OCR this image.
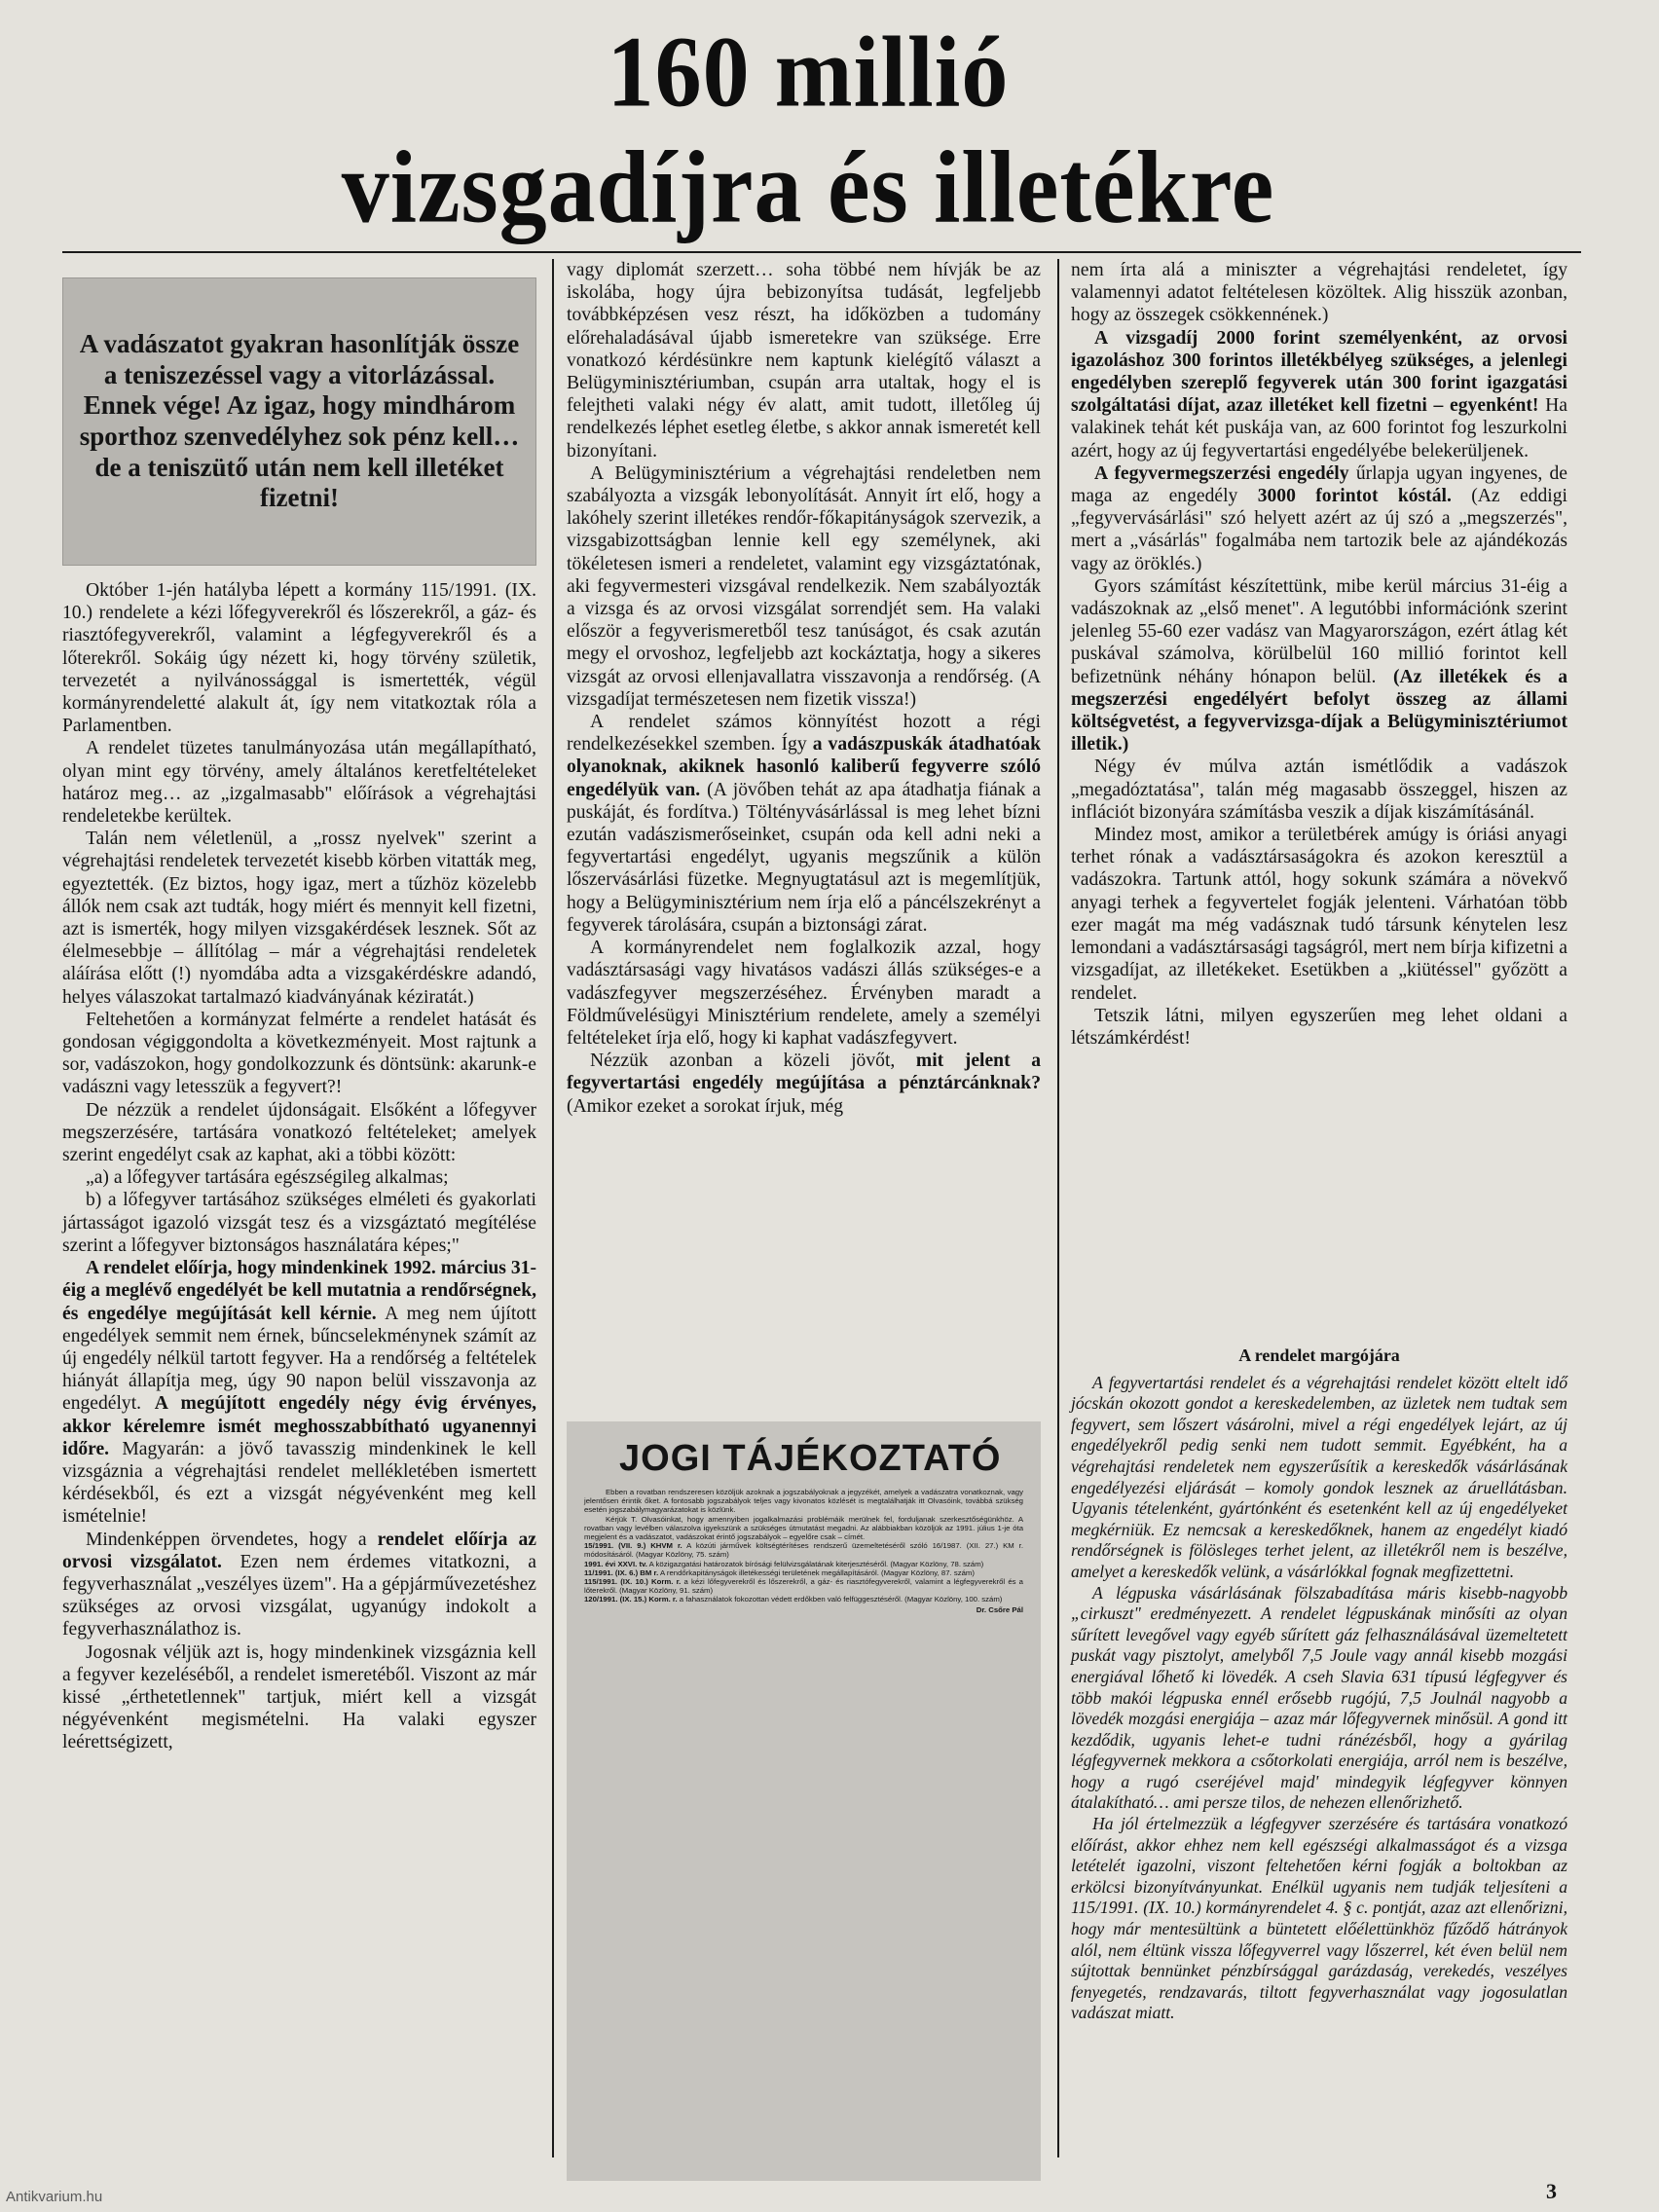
160 millió
vizsgadíjra és illetékre
A vadászatot gyakran hasonlítják össze a teniszezéssel vagy a vitorlázással. Ennek vége! Az igaz, hogy mindhárom sporthoz szenvedélyhez sok pénz kell… de a teniszütő után nem kell illetéket fizetni!

Október 1-jén hatályba lépett a kormány 115/1991. (IX. 10.) rendelete a kézi lőfegyverekről és lőszerekről, a gáz- és riasztófegyverekről, valamint a légfegyverekről és a lőterekről. Sokáig úgy nézett ki, hogy törvény születik, tervezetét a nyilvánossággal is ismertették, végül kormányrendeletté alakult át, így nem vitatkoztak róla a Parlamentben.

A rendelet tüzetes tanulmányozása után megállapítható, olyan mint egy törvény, amely általános keretfeltételeket határoz meg… az „izgalmasabb" előírások a végrehajtási rendeletekbe kerültek.

Talán nem véletlenül, a „rossz nyelvek" szerint a végrehajtási rendeletek tervezetét kisebb körben vitatták meg, egyeztették. (Ez biztos, hogy igaz, mert a tűzhöz közelebb állók nem csak azt tudták, hogy miért és mennyit kell fizetni, azt is ismerték, hogy milyen vizsgakérdések lesznek. Sőt az élelmesebbje – állítólag – már a végrehajtási rendeletek aláírása előtt (!) nyomdába adta a vizsgakérdéskre adandó, helyes válaszokat tartalmazó kiadványának kéziratát.)

Feltehetően a kormányzat felmérte a rendelet hatását és gondosan végiggondolta a következményeit. Most rajtunk a sor, vadászokon, hogy gondolkozzunk és döntsünk: akarunk-e vadászni vagy letesszük a fegyvert?!

De nézzük a rendelet újdonságait. Elsőként a lőfegyver megszerzésére, tartására vonatkozó feltételeket; amelyek szerint engedélyt csak az kaphat, aki a többi között:

„a) a lőfegyver tartására egészségileg alkalmas;

b) a lőfegyver tartásához szükséges elméleti és gyakorlati jártasságot igazoló vizsgát tesz és a vizsgáztató megítélése szerint a lőfegyver biztonságos használatára képes;"

A rendelet előírja, hogy mindenkinek 1992. március 31-éig a meglévő engedélyét be kell mutatnia a rendőrségnek, és engedélye megújítását kell kérnie. A meg nem újított engedélyek semmit nem érnek, bűncselekménynek számít az új engedély nélkül tartott fegyver. Ha a rendőrség a feltételek hiányát állapítja meg, úgy 90 napon belül visszavonja az engedélyt. A megújított engedély négy évig érvényes, akkor kérelemre ismét meghosszabbítható ugyanennyi időre. Magyarán: a jövő tavasszig mindenkinek le kell vizsgáznia a végrehajtási rendelet mellékletében ismertett kérdésekből, és ezt a vizsgát négyévenként meg kell ismételnie!

Mindenképpen örvendetes, hogy a rendelet előírja az orvosi vizsgálatot. Ezen nem érdemes vitatkozni, a fegyverhasználat „veszélyes üzem". Ha a gépjárművezetéshez szükséges az orvosi vizsgálat, ugyanúgy indokolt a fegyverhasználathoz is.

Jogosnak véljük azt is, hogy mindenkinek vizsgáznia kell a fegyver kezeléséből, a rendelet ismeretéből. Viszont az már kissé „érthetetlennek" tartjuk, miért kell a vizsgát négyévenként megismételni. Ha valaki egyszer leérettségizett,

vagy diplomát szerzett… soha többé nem hívják be az iskolába, hogy újra bebizonyítsa tudását, legfeljebb továbbképzésen vesz részt, ha időközben a tudomány előrehaladásával újabb ismeretekre van szüksége. Erre vonatkozó kérdésünkre nem kaptunk kielégítő választ a Belügyminisztériumban, csupán arra utaltak, hogy el is felejtheti valaki négy év alatt, amit tudott, illetőleg új rendelkezés léphet esetleg életbe, s akkor annak ismeretét kell bizonyítani.

A Belügyminisztérium a végrehajtási rendeletben nem szabályozta a vizsgák lebonyolítását. Annyit írt elő, hogy a lakóhely szerint illetékes rendőr-főkapitányságok szervezik, a vizsgabizottságban lennie kell egy személynek, aki tökéletesen ismeri a rendeletet, valamint egy vizsgáztatónak, aki fegyvermesteri vizsgával rendelkezik. Nem szabályozták a vizsga és az orvosi vizsgálat sorrendjét sem. Ha valaki először a fegyverismeretből tesz tanúságot, és csak azután megy el orvoshoz, legfeljebb azt kockáztatja, hogy a sikeres vizsgát az orvosi ellenjavallatra visszavonja a rendőrség. (A vizsgadíjat természetesen nem fizetik vissza!)

A rendelet számos könnyítést hozott a régi rendelkezésekkel szemben. Így a vadászpuskák átadhatóak olyanoknak, akiknek hasonló kaliberű fegyverre szóló engedélyük van. (A jövőben tehát az apa átadhatja fiának a puskáját, és fordítva.) Töltényvásárlással is meg lehet bízni ezután vadászismerőseinket, csupán oda kell adni neki a fegyvertartási engedélyt, ugyanis megszűnik a külön lőszervásárlási füzetke. Megnyugtatásul azt is megemlítjük, hogy a Belügyminisztérium nem írja elő a páncélszekrényt a fegyverek tárolására, csupán a biztonsági zárat.

A kormányrendelet nem foglalkozik azzal, hogy vadásztársasági vagy hivatásos vadászi állás szükséges-e a vadászfegyver megszerzéséhez. Érvényben maradt a Földművelésügyi Minisztérium rendelete, amely a személyi feltételeket írja elő, hogy ki kaphat vadászfegyvert.

Nézzük azonban a közeli jövőt, mit jelent a fegyvertartási engedély megújítása a pénztárcánknak? (Amikor ezeket a sorokat írjuk, még

nem írta alá a miniszter a végrehajtási rendeletet, így valamennyi adatot feltételesen közöltek. Alig hisszük azonban, hogy az összegek csökkennének.)

A vizsgadíj 2000 forint személyenként, az orvosi igazoláshoz 300 forintos illetékbélyeg szükséges, a jelenlegi engedélyben szereplő fegyverek után 300 forint igazgatási szolgáltatási díjat, azaz illetéket kell fizetni – egyenként! Ha valakinek tehát két puskája van, az 600 forintot fog leszurkolni azért, hogy az új fegyvertartási engedélyébe belekerüljenek.

A fegyvermegszerzési engedély űrlapja ugyan ingyenes, de maga az engedély 3000 forintot kóstál. (Az eddigi „fegyvervásárlási" szó helyett azért az új szó a „megszerzés", mert a „vásárlás" fogalmába nem tartozik bele az ajándékozás vagy az öröklés.)

Gyors számítást készítettünk, mibe kerül március 31-éig a vadászoknak az „első menet". A legutóbbi információnk szerint jelenleg 55-60 ezer vadász van Magyarországon, ezért átlag két puskával számolva, körülbelül 160 millió forintot kell befizetnünk néhány hónapon belül. (Az illetékek és a megszerzési engedélyért befolyt összeg az állami költségvetést, a fegyvervizsga-díjak a Belügyminisztériumot illetik.)

Négy év múlva aztán ismétlődik a vadászok „megadóztatása", talán még magasabb összeggel, hiszen az inflációt bizonyára számításba veszik a díjak kiszámításánál.

Mindez most, amikor a területbérek amúgy is óriási anyagi terhet rónak a vadásztársaságokra és azokon keresztül a vadászokra. Tartunk attól, hogy sokunk számára a növekvő anyagi terhek a fegyvertelet fogják jelenteni. Várhatóan több ezer magát ma még vadásznak tudó társunk kénytelen lesz lemondani a vadásztársasági tagságról, mert nem bírja kifizetni a vizsgadíjat, az illetékeket. Esetükben a „kiütéssel" győzött a rendelet.

Tetszik látni, milyen egyszerűen meg lehet oldani a létszámkérdést!

A rendelet margójára

A fegyvertartási rendelet és a végrehajtási rendelet között eltelt idő jócskán okozott gondot a kereskedelemben, az üzletek nem tudtak sem fegyvert, sem lőszert vásárolni, mivel a régi engedélyek lejárt, az új engedélyekről pedig senki nem tudott semmit. Egyébként, ha a végrehajtási rendeletek nem egyszerűsítik a kereskedők vásárlásának engedélyezési eljárását – komoly gondok lesznek az áruellátásban. Ugyanis tételenként, gyártónként és esetenként kell az új engedélyeket megkérniük. Ez nemcsak a kereskedőknek, hanem az engedélyt kiadó rendőrségnek is fölösleges terhet jelent, az illetékről nem is beszélve, amelyet a kereskedők velünk, a vásárlókkal fognak megfizettetni.

A légpuska vásárlásának fölszabadítása máris kisebb-nagyobb „cirkuszt" eredményezett. A rendelet légpuskának minősíti az olyan sűrített levegővel vagy egyéb sűrített gáz felhasználásával üzemeltetett puskát vagy pisztolyt, amelyből 7,5 Joule vagy annál kisebb mozgási energiával lőhető ki lövedék. A cseh Slavia 631 típusú légfegyver és több makói légpuska ennél erősebb rugójú, 7,5 Joulnál nagyobb a lövedék mozgási energiája – azaz már lőfegyvernek minősül. A gond itt kezdődik, ugyanis lehet-e tudni ránézésből, hogy a gyárilag légfegyvernek mekkora a csőtorkolati energiája, arról nem is beszélve, hogy a rugó cseréjével majd' mindegyik légfegyver könnyen átalakítható… ami persze tilos, de nehezen ellenőrizhető.

Ha jól értelmezzük a légfegyver szerzésére és tartására vonatkozó előírást, akkor ehhez nem kell egészségi alkalmasságot és a vizsga letételét igazolni, viszont feltehetően kérni fogják a boltokban az erkölcsi bizonyítványunkat. Enélkül ugyanis nem tudják teljesíteni a 115/1991. (IX. 10.) kormányrendelet 4. § c. pontját, azaz azt ellenőrizni, hogy már mentesültünk a büntetett előélettünkhöz fűződő hátrányok alól, nem éltünk vissza lőfegyverrel vagy lőszerrel, két éven belül nem sújtottak bennünket pénzbírsággal garázdaság, verekedés, veszélyes fenyegetés, rendzavarás, tiltott fegyverhasználat vagy jogosulatlan vadászat miatt.

JOGI TÁJÉKOZTATÓ

Ebben a rovatban rendszeresen közöljük azoknak a jogszabályoknak a jegyzékét, amelyek a vadászatra vonatkoznak, vagy jelentősen érintik őket. A fontosabb jogszabályok teljes vagy kivonatos közlését is megtalálhatják itt Olvasóink, továbbá szükség esetén jogszabálymagyarázatokat is közlünk.

Kérjük T. Olvasóinkat, hogy amennyiben jogalkalmazási problémáik merülnek fel, forduljanak szerkesztőségünkhöz. A rovatban vagy levélben válaszolva igyekszünk a szükséges útmutatást megadni. Az alábbiakban közöljük az 1991. július 1-je óta megjelent és a vadászatot, vadászokat érintő jogszabályok – egyelőre csak – címét.

15/1991. (VII. 9.) KHVM r. A közúti járművek költségtérítéses rendszerű üzemeltetéséről szóló 16/1987. (XII. 27.) KM r. módosításáról. (Magyar Közlöny, 75. szám)

1991. évi XXVI. tv. A közigazgatási határozatok bírósági felülvizsgálatának kiterjesztéséről. (Magyar Közlöny, 78. szám)

11/1991. (IX. 6.) BM r. A rendőrkapitányságok illetékességi területének megállapításáról. (Magyar Közlöny, 87. szám)

115/1991. (IX. 10.) Korm. r. a kézi lőfegyverekről és lőszerekről, a gáz- és riasztófegyverekről, valamint a légfegyverekről és a lőterekről. (Magyar Közlöny, 91. szám)

120/1991. (IX. 15.) Korm. r. a fahasználatok fokozottan védett erdőkben való felfüggesztéséről. (Magyar Közlöny, 100. szám)

Dr. Csőre Pál
3
Antikvarium.hu
